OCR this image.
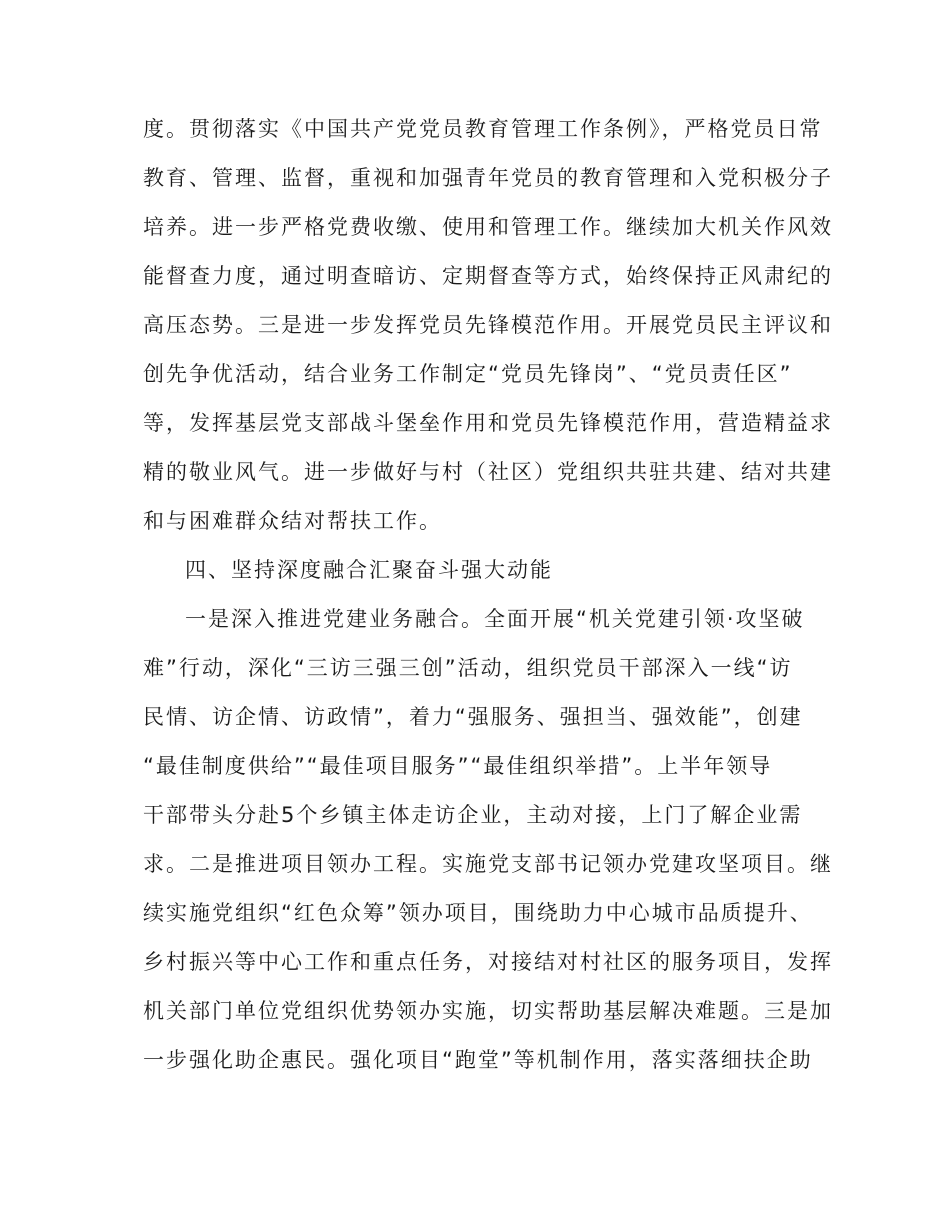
度。贯彻落实《中国共产党党员教育管理工作条例》，严格党员日常
教育、管理、监督，重视和加强青年党员的教育管理和入党积极分子
培养。进一步严格党费收缴、使用和管理工作。继续加大机关作风效
能督查力度，通过明查暗访、定期督查等方式，始终保持正风肃纪的
高压态势。三是进一步发挥党员先锋模范作用。开展党员民主评议和
创先争优活动，结合业务工作制定“党员先锋岗”、“党员责任区”
等，发挥基层党支部战斗堡垒作用和党员先锋模范作用，营造精益求
精的敬业风气。进一步做好与村（社区）党组织共驻共建、结对共建
和与困难群众结对帮扶工作。
四、坚持深度融合汇聚奋斗强大动能
一是深入推进党建业务融合。全面开展“机关党建引领·攻坚破
难”行动，深化“三访三强三创”活动，组织党员干部深入一线“访
民情、访企情、访政情”，着力“强服务、强担当、强效能”，创建
“最佳制度供给”“最佳项目服务”“最佳组织举措”。上半年领导
干部带头分赴5个乡镇主体走访企业，主动对接，上门了解企业需
求。二是推进项目领办工程。实施党支部书记领办党建攻坚项目。继
续实施党组织“红色众筹”领办项目，围绕助力中心城市品质提升、
乡村振兴等中心工作和重点任务，对接结对村社区的服务项目，发挥
机关部门单位党组织优势领办实施，切实帮助基层解决难题。三是加
一步强化助企惠民。强化项目“跑堂”等机制作用，落实落细扶企助
